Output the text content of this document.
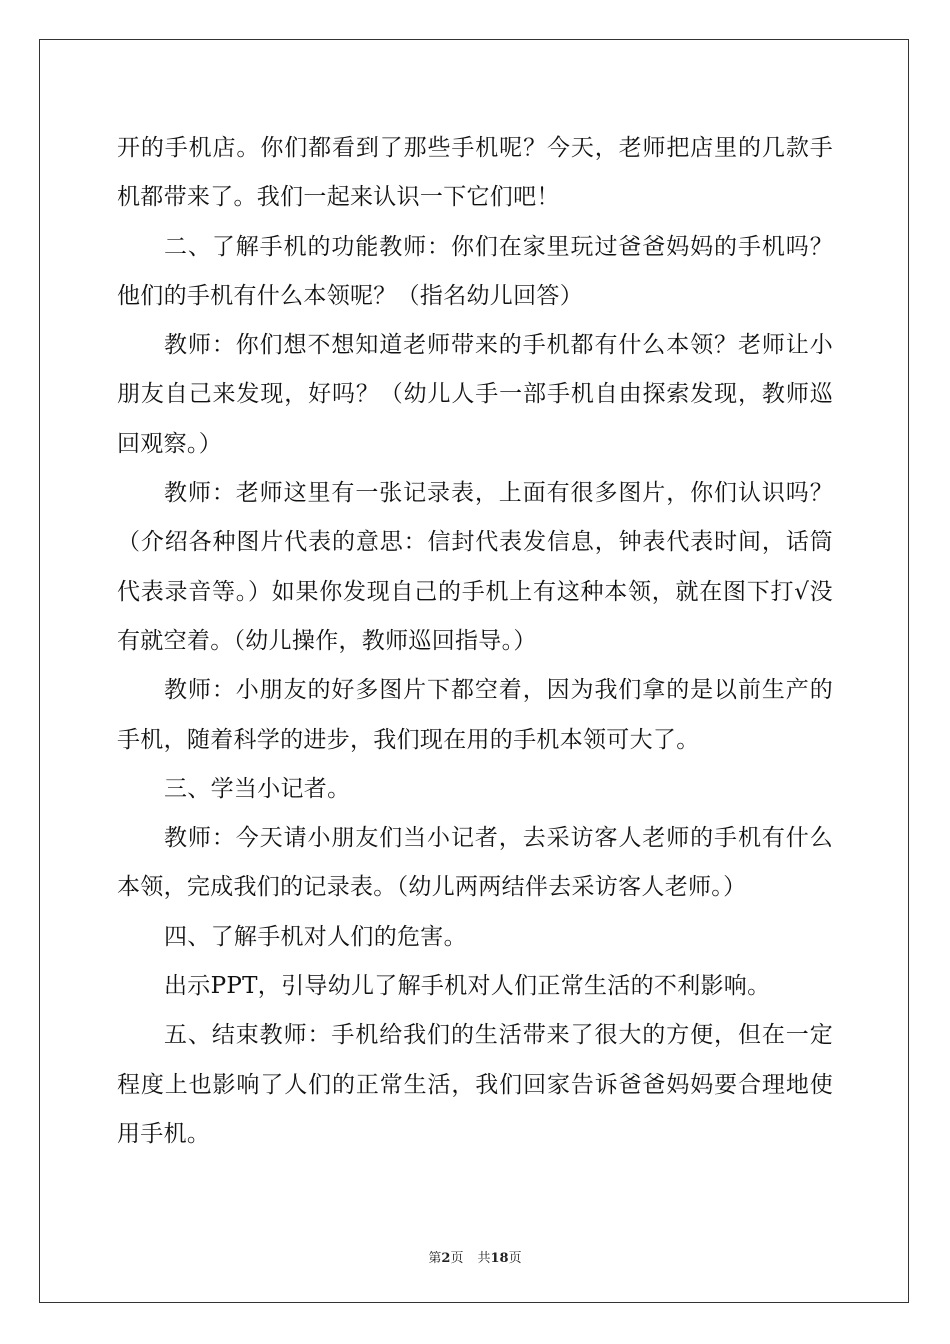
开的手机店。你们都看到了那些手机呢？今天，老师把店里的几款手机都带来了。我们一起来认识一下它们吧！

二、了解手机的功能教师：你们在家里玩过爸爸妈妈的手机吗？他们的手机有什么本领呢？（指名幼儿回答）

教师：你们想不想知道老师带来的手机都有什么本领？老师让小朋友自己来发现，好吗？（幼儿人手一部手机自由探索发现，教师巡回观察。）

教师：老师这里有一张记录表，上面有很多图片，你们认识吗？（介绍各种图片代表的意思：信封代表发信息，钟表代表时间，话筒代表录音等。）如果你发现自己的手机上有这种本领，就在图下打√没有就空着。（幼儿操作，教师巡回指导。）

教师：小朋友的好多图片下都空着，因为我们拿的是以前生产的手机，随着科学的进步，我们现在用的手机本领可大了。

三、学当小记者。

教师：今天请小朋友们当小记者，去采访客人老师的手机有什么本领，完成我们的记录表。（幼儿两两结伴去采访客人老师。）

四、了解手机对人们的危害。

出示PPT，引导幼儿了解手机对人们正常生活的不利影响。

五、结束教师：手机给我们的生活带来了很大的方便，但在一定程度上也影响了人们的正常生活，我们回家告诉爸爸妈妈要合理地使用手机。

第2页 共18页
